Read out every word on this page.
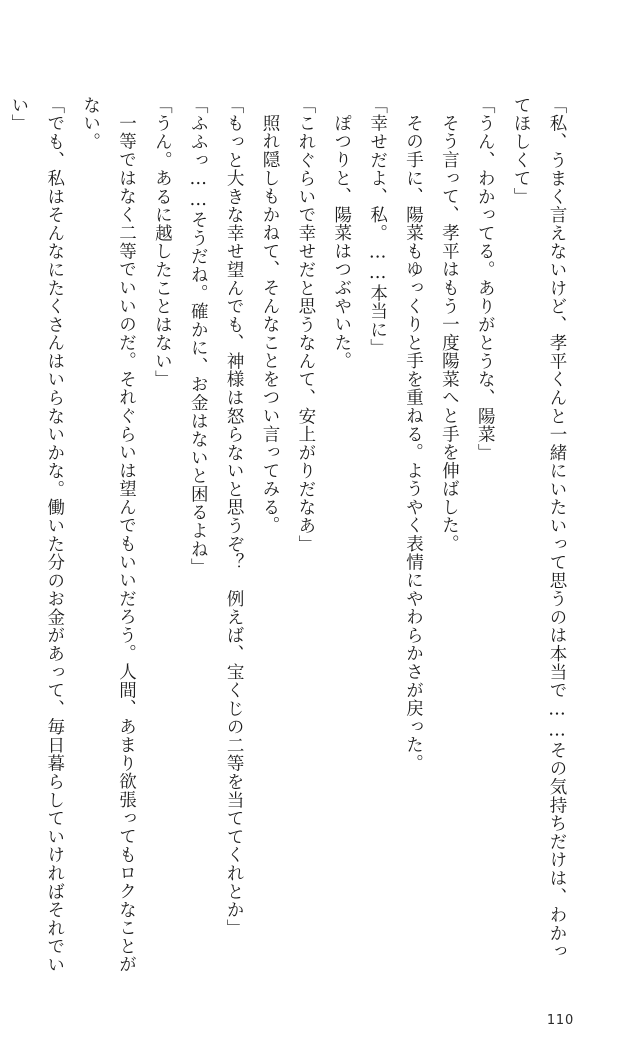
「私、うまく言えないけど、孝平くんと一緒にいたいって思うのは本当で……その気持ちだけは、わかってほしくて」

「うん、わかってる。ありがとうな、陽菜」

そう言って、孝平はもう一度陽菜へと手を伸ばした。

その手に、陽菜もゆっくりと手を重ねる。ようやく表情にやわらかさが戻った。

「幸せだよ、私。……本当に」

ぽつりと、陽菜はつぶやいた。

「これぐらいで幸せだと思うなんて、安上がりだなあ」

照れ隠しもかねて、そんなことをつい言ってみる。

「もっと大きな幸せ望んでも、神様は怒らないと思うぞ？　例えば、宝くじの二等を当ててくれとか」

「ふふっ……そうだね。確かに、お金はないと困るよね」

「うん。あるに越したことはない」

一等ではなく二等でいいのだ。それぐらいは望んでもいいだろう。人間、あまり欲張ってもロクなことがない。

「でも、私はそんなにたくさんはいらないかな。働いた分のお金があって、毎日暮らしていければそれでいい」

110
